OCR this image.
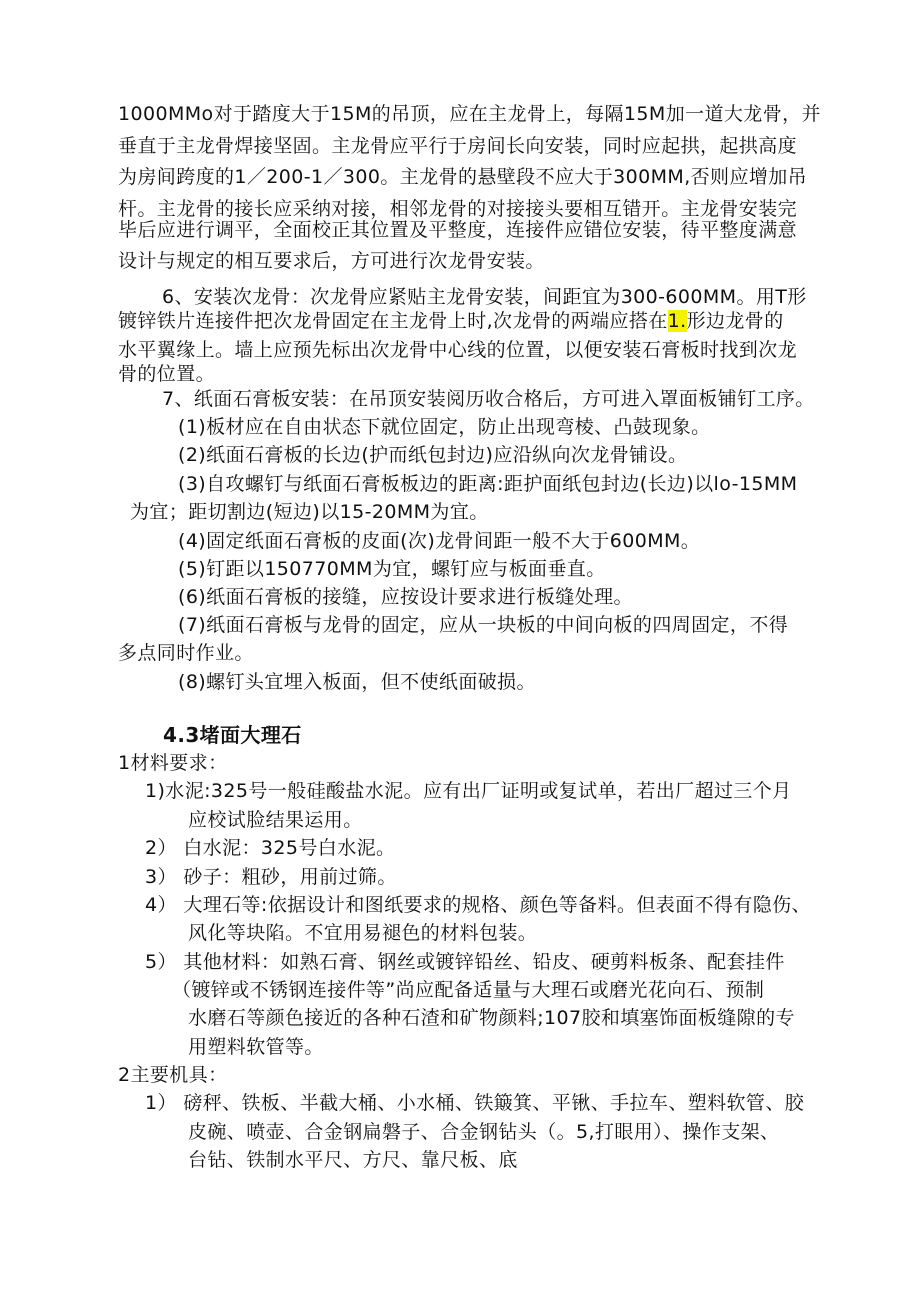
1000MMo对于踏度大于15M的吊顶，应在主龙骨上，每隔15M加一道大龙骨，并
垂直于主龙骨焊接坚固。主龙骨应平行于房间长向安装，同时应起拱，起拱高度
为房间跨度的1／200-1／300。主龙骨的悬壁段不应大于300MM,否则应增加吊
杆。主龙骨的接长应采纳对接，相邻龙骨的对接接头要相互错开。主龙骨安装完
毕后应进行调平，全面校正其位置及平整度，连接件应错位安装，待平整度满意
设计与规定的相互要求后，方可进行次龙骨安装。
6、安装次龙骨：次龙骨应紧贴主龙骨安装，间距宜为300-600MM。用T形
镀锌铁片连接件把次龙骨固定在主龙骨上时,次龙骨的两端应搭在1.形边龙骨的
水平翼缘上。墙上应预先标出次龙骨中心线的位置，以便安装石膏板时找到次龙
骨的位置。
7、纸面石膏板安装：在吊顶安装阅历收合格后，方可进入罩面板铺钉工序。
(1)板材应在自由状态下就位固定，防止出现弯棱、凸鼓现象。
(2)纸面石膏板的长边(护而纸包封边)应沿纵向次龙骨铺设。
(3)自攻螺钉与纸面石膏板板边的距离:距护面纸包封边(长边)以lo-15MM
为宜；距切割边(短边)以15-20MM为宜。
(4)固定纸面石膏板的皮面(次)龙骨间距一般不大于600MM。
(5)钉距以150770MM为宜，螺钉应与板面垂直。
(6)纸面石膏板的接缝，应按设计要求进行板缝处理。
(7)纸面石膏板与龙骨的固定，应从一块板的中间向板的四周固定，不得
多点同时作业。
(8)螺钉头宜埋入板面，但不使纸面破损。
4.3堵面大理石
1材料要求：
1)水泥:325号一般硅酸盐水泥。应有出厂证明或复试单，若出厂超过三个月
应校试脸结果运用。
2） 白水泥：325号白水泥。
3） 砂子：粗砂，用前过筛。
4） 大理石等:依据设计和图纸要求的规格、颜色等备料。但表面不得有隐伤、
风化等块陷。不宜用易褪色的材料包装。
5） 其他材料：如熟石膏、钢丝或镀锌铅丝、铅皮、硬剪料板条、配套挂件
（镀锌或不锈钢连接件等”尚应配备适量与大理石或磨光花向石、预制
水磨石等颜色接近的各种石渣和矿物颜料;107胶和填塞饰面板缝隙的专
用塑料软管等。
2主要机具：
1） 磅秤、铁板、半截大桶、小水桶、铁簸箕、平锹、手拉车、塑料软管、胶
皮碗、喷壶、合金钢扁磐子、合金钢钻头（。5,打眼用）、操作支架、
台钻、铁制水平尺、方尺、靠尺板、底
